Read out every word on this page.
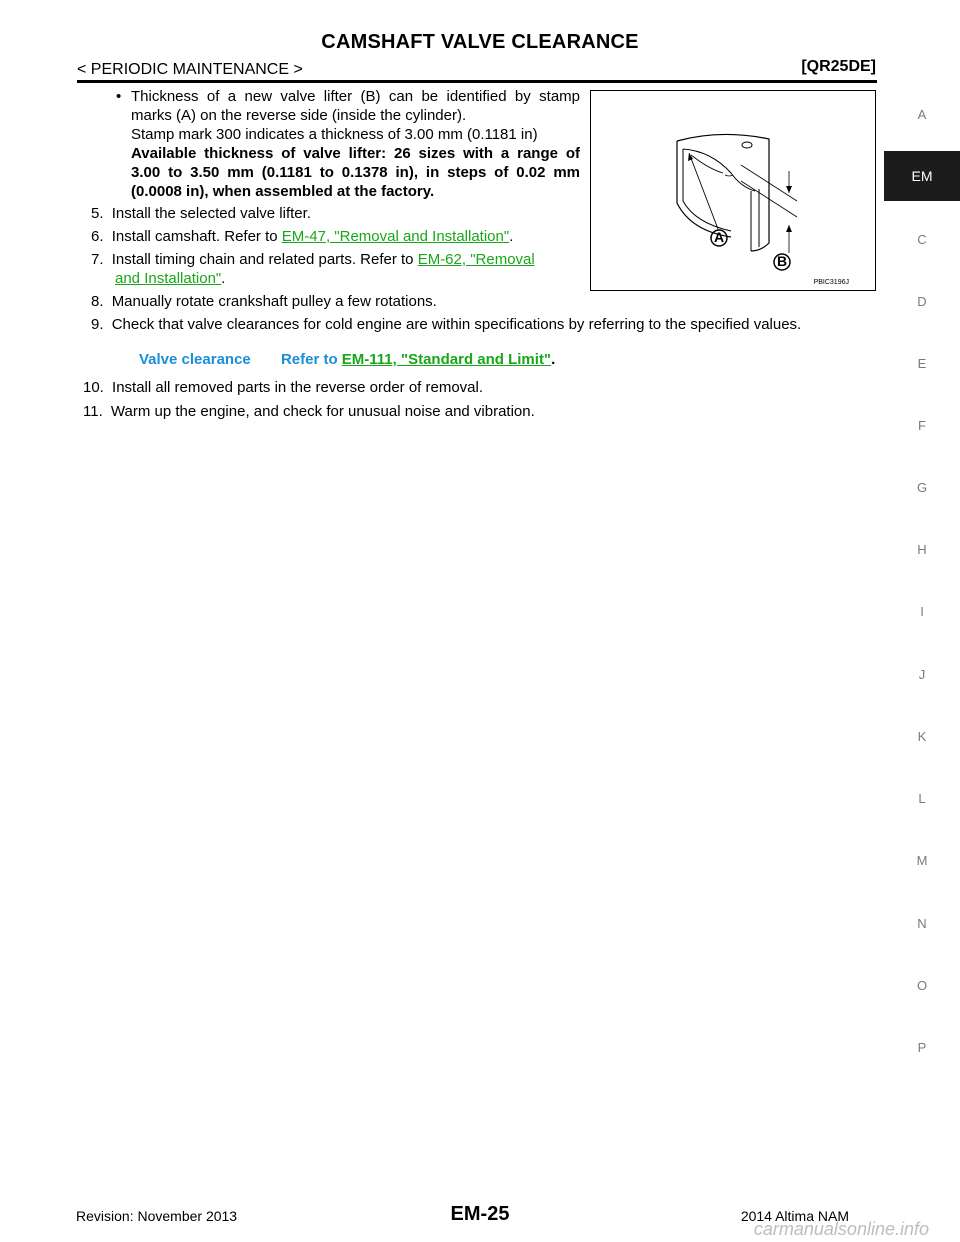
CAMSHAFT VALVE CLEARANCE
< PERIODIC MAINTENANCE >	[QR25DE]
• Thickness of a new valve lifter (B) can be identified by stamp
marks (A) on the reverse side (inside the cylinder).
Stamp mark 300 indicates a thickness of 3.00 mm (0.1181 in)
Available thickness of valve lifter: 26 sizes with a range of
3.00 to 3.50 mm (0.1181 to 0.1378 in), in steps of 0.02 mm
(0.0008 in), when assembled at the factory.
5. Install the selected valve lifter.
6. Install camshaft. Refer to EM-47, "Removal and Installation".
7. Install timing chain and related parts. Refer to EM-62, "Removal
and Installation".
8. Manually rotate crankshaft pulley a few rotations.
9. Check that valve clearances for cold engine are within specifications by referring to the specified values.
Valve clearance Refer to EM-111, "Standard and Limit".
10. Install all removed parts in the reverse order of removal.
11. Warm up the engine, and check for unusual noise and vibration.
A
B
PBIC3196J
A
EM
C
D
E
F
G
H
I
J
K
L
M
N
O
P
Revision: November 2013	EM-25	2014 Altima NAM
carmanualsonline.info
